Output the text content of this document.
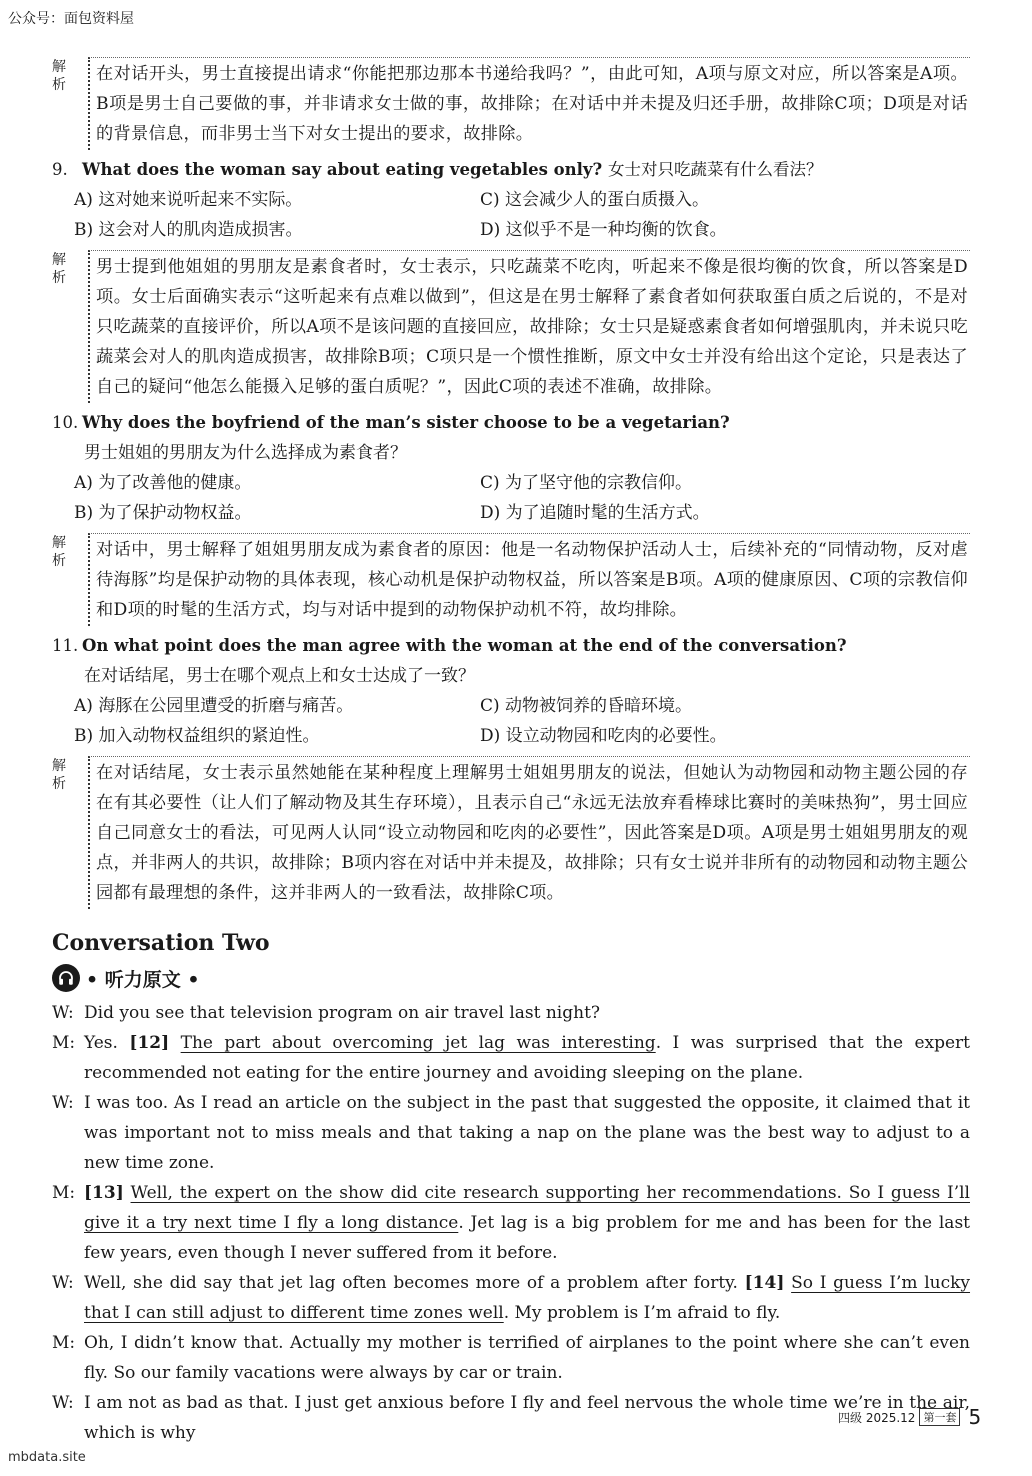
公众号：面包资料屋
解析
在对话开头，男士直接提出请求“你能把那边那本书递给我吗？”，由此可知，A项与原文对应，所以答案是A项。B项是男士自己要做的事，并非请求女士做的事，故排除；在对话中并未提及归还手册，故排除C项；D项是对话的背景信息，而非男士当下对女士提出的要求，故排除。
9. What does the woman say about eating vegetables only? 女士对只吃蔬菜有什么看法？
A) 这对她来说听起来不实际。	C) 这会减少人的蛋白质摄入。
B) 这会对人的肌肉造成损害。	D) 这似乎不是一种均衡的饮食。
解析
男士提到他姐姐的男朋友是素食者时，女士表示，只吃蔬菜不吃肉，听起来不像是很均衡的饮食，所以答案是D项。女士后面确实表示“这听起来有点难以做到”，但这是在男士解释了素食者如何获取蛋白质之后说的，不是对只吃蔬菜的直接评价，所以A项不是该问题的直接回应，故排除；女士只是疑惑素食者如何增强肌肉，并未说只吃蔬菜会对人的肌肉造成损害，故排除B项；C项只是一个惯性推断，原文中女士并没有给出这个定论，只是表达了自己的疑问“他怎么能摄入足够的蛋白质呢？”，因此C项的表述不准确，故排除。
10. Why does the boyfriend of the man’s sister choose to be a vegetarian?
男士姐姐的男朋友为什么选择成为素食者？
A) 为了改善他的健康。	C) 为了坚守他的宗教信仰。
B) 为了保护动物权益。	D) 为了追随时髦的生活方式。
解析
对话中，男士解释了姐姐男朋友成为素食者的原因：他是一名动物保护活动人士，后续补充的“同情动物，反对虐待海豚”均是保护动物的具体表现，核心动机是保护动物权益，所以答案是B项。A项的健康原因、C项的宗教信仰和D项的时髦的生活方式，均与对话中提到的动物保护动机不符，故均排除。
11. On what point does the man agree with the woman at the end of the conversation?
在对话结尾，男士在哪个观点上和女士达成了一致？
A) 海豚在公园里遭受的折磨与痛苦。	C) 动物被饲养的昏暗环境。
B) 加入动物权益组织的紧迫性。	D) 设立动物园和吃肉的必要性。
解析
在对话结尾，女士表示虽然她能在某种程度上理解男士姐姐男朋友的说法，但她认为动物园和动物主题公园的存在有其必要性（让人们了解动物及其生存环境），且表示自己“永远无法放弃看棒球比赛时的美味热狗”，男士回应自己同意女士的看法，可见两人认同“设立动物园和吃肉的必要性”，因此答案是D项。A项是男士姐姐男朋友的观点，并非两人的共识，故排除；B项内容在对话中并未提及，故排除；只有女士说并非所有的动物园和动物主题公园都有最理想的条件，这并非两人的一致看法，故排除C项。
Conversation Two
• 听力原文 •
W: Did you see that television program on air travel last night?
M: Yes. [12] The part about overcoming jet lag was interesting. I was surprised that the expert recommended not eating for the entire journey and avoiding sleeping on the plane.
W: I was too. As I read an article on the subject in the past that suggested the opposite, it claimed that it was important not to miss meals and that taking a nap on the plane was the best way to adjust to a new time zone.
M: [13] Well, the expert on the show did cite research supporting her recommendations. So I guess I’ll give it a try next time I fly a long distance. Jet lag is a big problem for me and has been for the last few years, even though I never suffered from it before.
W: Well, she did say that jet lag often becomes more of a problem after forty. [14] So I guess I’m lucky that I can still adjust to different time zones well. My problem is I’m afraid to fly.
M: Oh, I didn’t know that. Actually my mother is terrified of airplanes to the point where she can’t even fly. So our family vacations were always by car or train.
W: I am not as bad as that. I just get anxious before I fly and feel nervous the whole time we’re in the air, which is why
四级 2025.12 第一套 5
mbdata.site
